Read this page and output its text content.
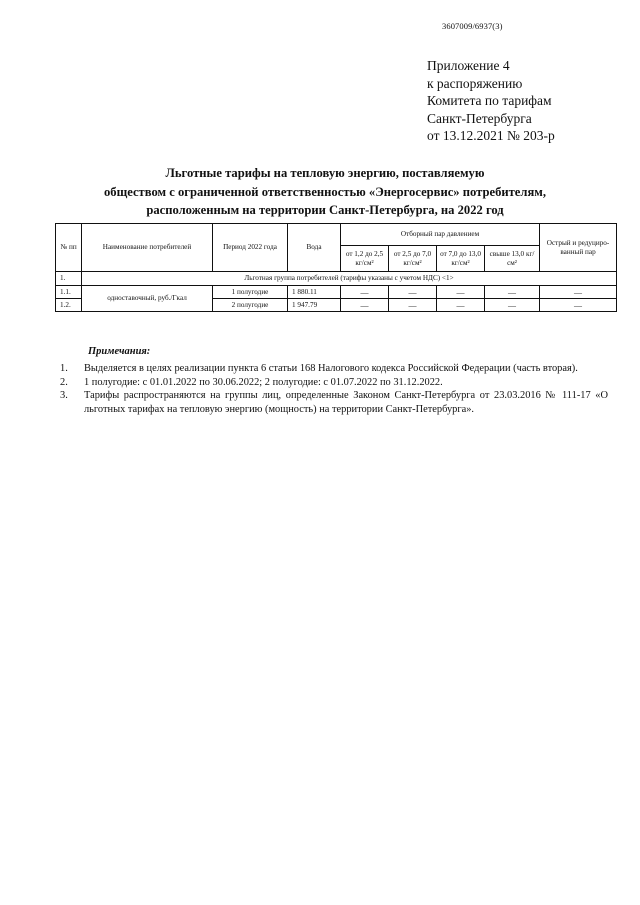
3607009/6937(3)
Приложение 4
к распоряжению
Комитета по тарифам
Санкт-Петербурга
от 13.12.2021 № 203-р
Льготные тарифы на тепловую энергию, поставляемую
обществом с ограниченной ответственностью «Энергосервис» потребителям,
расположенным на территории Санкт-Петербурга, на 2022 год
№ пп	Наименование потребителей	Период 2022 года	Вода	Отборный пар давлением				Острый и редуциро-ванный пар
				от 1,2 до 2,5 кг/см²	от 2,5 до 7,0 кг/см²	от 7,0 до 13,0 кг/см²	свыше 13,0 кг/см²	
1.	Льготная группа потребителей (тарифы указаны с учетом НДС) <1>							
1.1.	одноставочный, руб./Гкал	1 полугодие	1 880.11	—	—	—	—	—
1.2.		2 полугодие	1 947.79	—	—	—	—	—
Примечания:
1.	Выделяется в целях реализации пункта 6 статьи 168 Налогового кодекса Российской Федерации (часть вторая).
2.	1 полугодие: с 01.01.2022 по 30.06.2022; 2 полугодие: с 01.07.2022 по 31.12.2022.
3.	Тарифы распространяются на группы лиц, определенные Законом Санкт-Петербурга от 23.03.2016 № 111-17 «О льготных тарифах на тепловую энергию (мощность) на территории Санкт-Петербурга».
